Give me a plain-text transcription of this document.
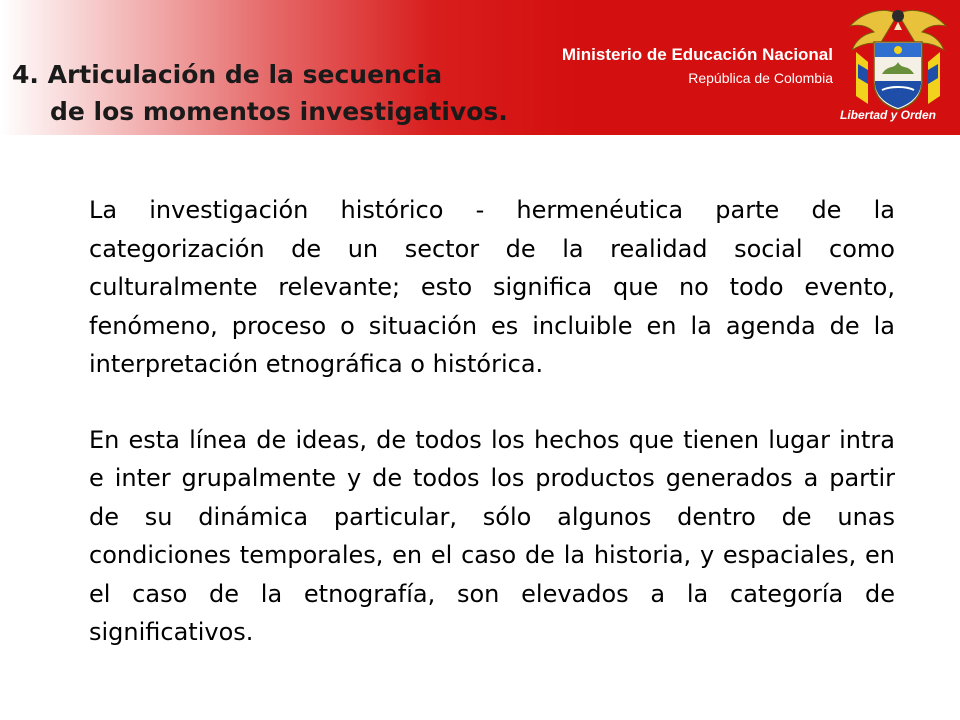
Ministerio de Educación Nacional
República de Colombia
Libertad y Orden
4. Articulación de la secuencia
de los momentos investigativos.

La investigación histórico - hermenéutica parte de la categorización de un sector de la realidad social como culturalmente relevante; esto significa que no todo evento, fenómeno, proceso o situación es incluible en la agenda de la interpretación etnográfica o histórica.

En esta línea de ideas, de todos los hechos que tienen lugar intra e inter grupalmente y de todos los productos generados a partir de su dinámica particular, sólo algunos dentro de unas condiciones temporales, en el caso de la historia, y espaciales, en el caso de la etnografía, son elevados a la categoría de significativos.
